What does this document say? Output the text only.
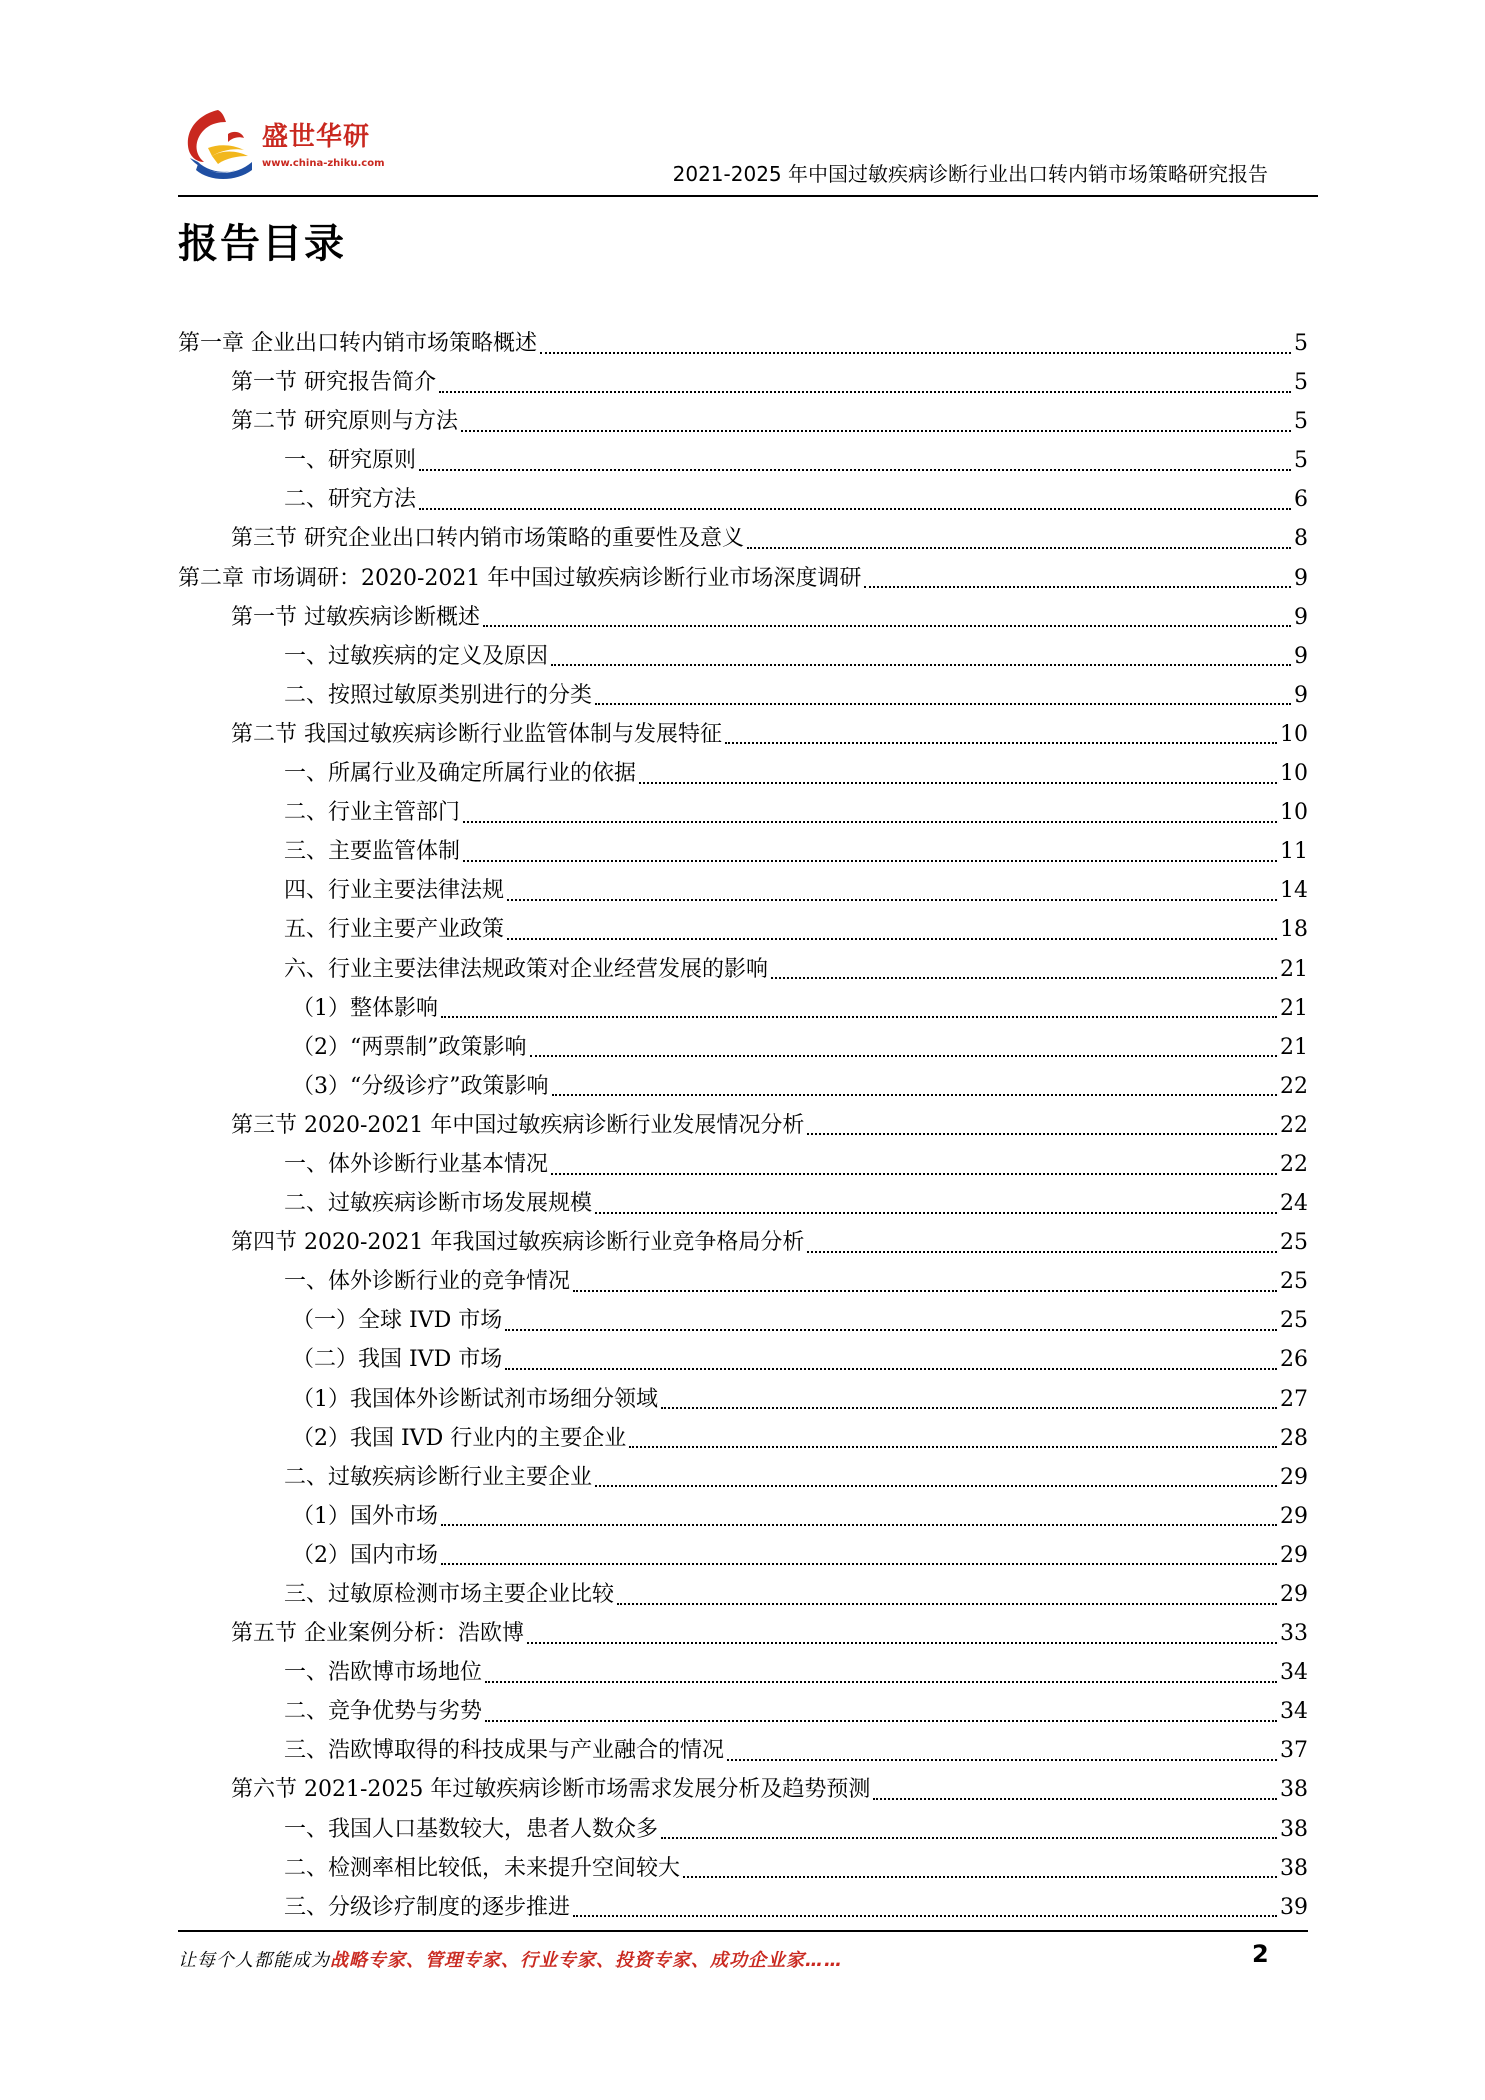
盛世华研
www.china-zhiku.com	2021-2025 年中国过敏疾病诊断行业出口转内销市场策略研究报告
报告目录
第一章 企业出口转内销市场策略概述	5
第一节 研究报告简介	5
第二节 研究原则与方法	5
一、研究原则	5
二、研究方法	6
第三节 研究企业出口转内销市场策略的重要性及意义	8
第二章 市场调研：2020-2021 年中国过敏疾病诊断行业市场深度调研	9
第一节 过敏疾病诊断概述	9
一、过敏疾病的定义及原因	9
二、按照过敏原类别进行的分类	9
第二节 我国过敏疾病诊断行业监管体制与发展特征	10
一、所属行业及确定所属行业的依据	10
二、行业主管部门	10
三、主要监管体制	11
四、行业主要法律法规	14
五、行业主要产业政策	18
六、行业主要法律法规政策对企业经营发展的影响	21
（1）整体影响	21
（2）“两票制”政策影响	21
（3）“分级诊疗”政策影响	22
第三节 2020-2021 年中国过敏疾病诊断行业发展情况分析	22
一、体外诊断行业基本情况	22
二、过敏疾病诊断市场发展规模	24
第四节 2020-2021 年我国过敏疾病诊断行业竞争格局分析	25
一、体外诊断行业的竞争情况	25
（一）全球 IVD 市场	25
（二）我国 IVD 市场	26
（1）我国体外诊断试剂市场细分领域	27
（2）我国 IVD 行业内的主要企业	28
二、过敏疾病诊断行业主要企业	29
（1）国外市场	29
（2）国内市场	29
三、过敏原检测市场主要企业比较	29
第五节 企业案例分析：浩欧博	33
一、浩欧博市场地位	34
二、竞争优势与劣势	34
三、浩欧博取得的科技成果与产业融合的情况	37
第六节 2021-2025 年过敏疾病诊断市场需求发展分析及趋势预测	38
一、我国人口基数较大，患者人数众多	38
二、检测率相比较低，未来提升空间较大	38
三、分级诊疗制度的逐步推进	39
让每个人都能成为战略专家、管理专家、行业专家、投资专家、成功企业家……	2
